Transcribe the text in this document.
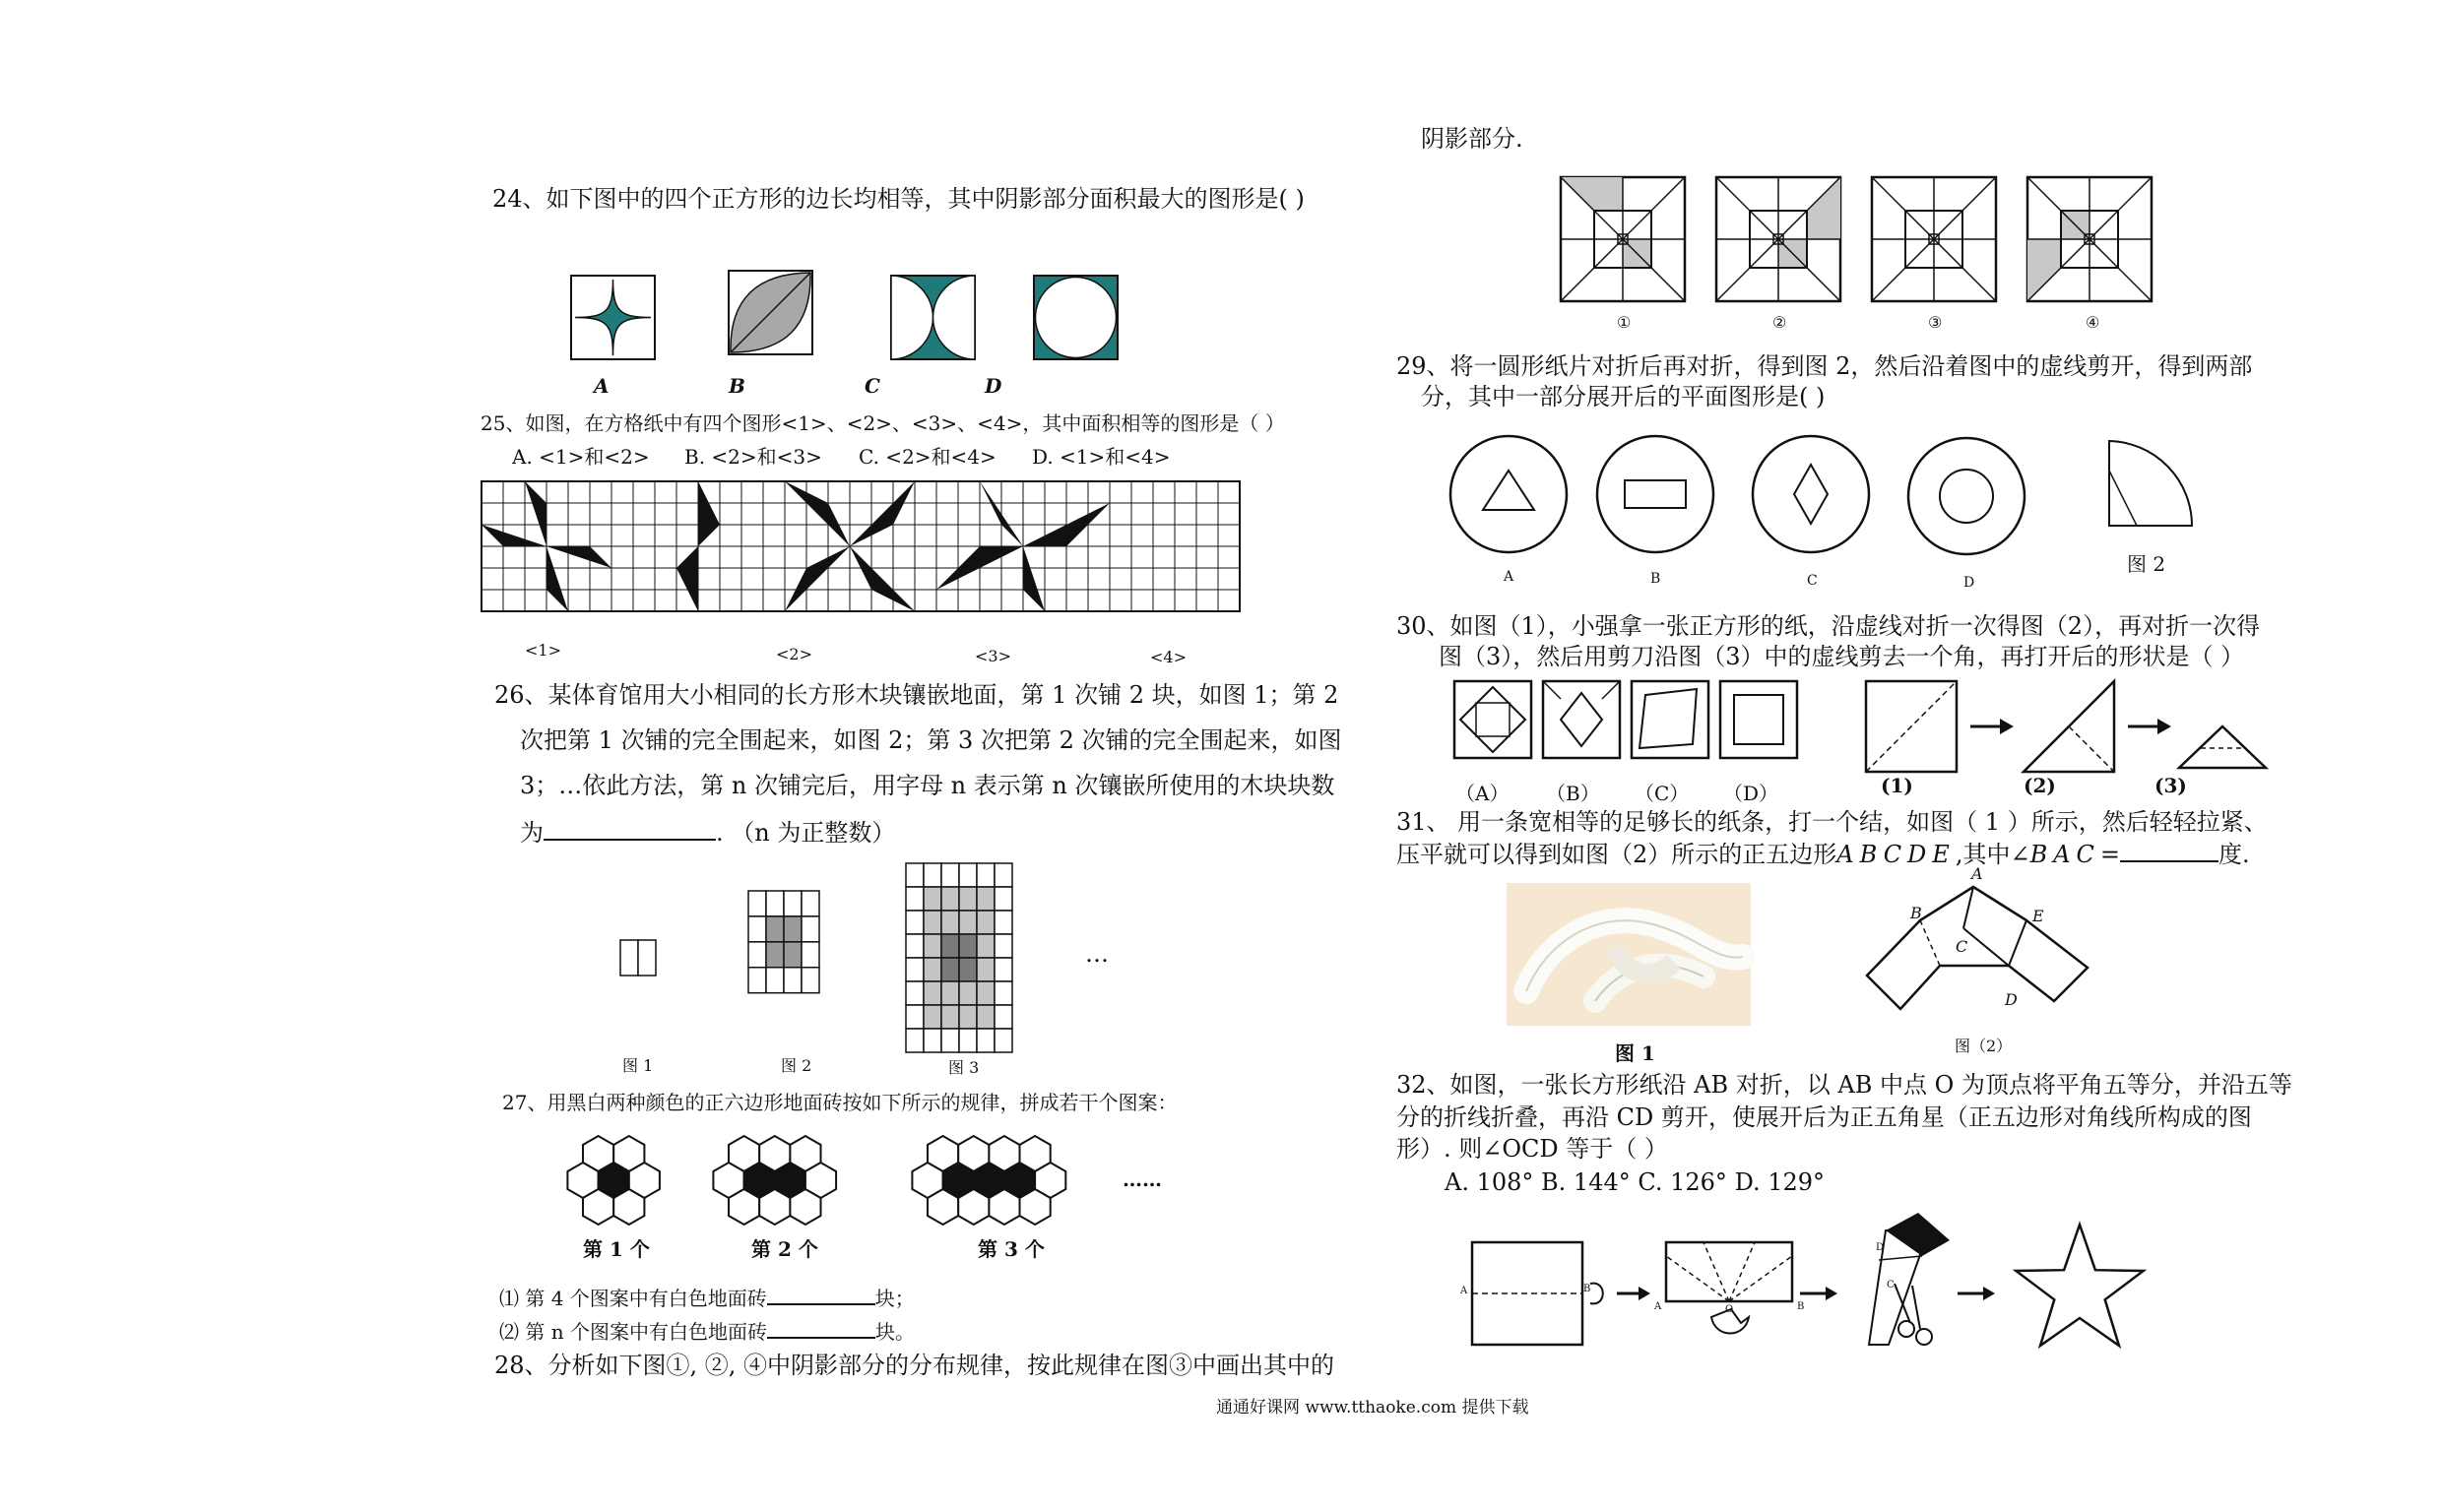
24、如下图中的四个正方形的边长均相等，其中阴影部分面积最大的图形是( )
A	B	C	D
25、如图，在方格纸中有四个图形<1>、<2>、<3>、<4>，其中面积相等的图形是（ ）
A. <1>和<2> B. <2>和<3> C. <2>和<4> D. <1>和<4>
<1>	<2>	<3>	<4>
26、某体育馆用大小相同的长方形木块镶嵌地面，第 1 次铺 2 块，如图 1；第 2
次把第 1 次铺的完全围起来，如图 2；第 3 次把第 2 次铺的完全围起来，如图
3；…依此方法，第 n 次铺完后，用字母 n 表示第 n 次镶嵌所使用的木块块数
为	. （n 为正整数）
…
图 1	图 2	图 3
27、用黑白两种颜色的正六边形地面砖按如下所示的规律，拼成若干个图案：
……
第 1 个	第 2 个	第 3 个
⑴ 第 4 个图案中有白色地面砖	块；
⑵ 第 n 个图案中有白色地面砖	块。
28、分析如下图①, ②, ④中阴影部分的分布规律，按此规律在图③中画出其中的
阴影部分.
①	②	③	④
29、将一圆形纸片对折后再对折，得到图 2，然后沿着图中的虚线剪开，得到两部
分，其中一部分展开后的平面图形是( )
A	B	C	D
图 2
30、如图（1），小强拿一张正方形的纸，沿虚线对折一次得图（2），再对折一次得
图（3），然后用剪刀沿图（3）中的虚线剪去一个角，再打开后的形状是（ ）
（A） （B） （C） （D）	(1)	(2)	(3)
31、 用一条宽相等的足够长的纸条，打一个结，如图（ 1 ）所示，然后轻轻拉紧、
压平就可以得到如图（2）所示的正五边形ABCDE,其中∠BAC=	度.
A
B	E
C
D
图 1	图（2）
32、如图，一张长方形纸沿 AB 对折，以 AB 中点 O 为顶点将平角五等分，并沿五等
分的折线折叠，再沿 CD 剪开，使展开后为正五角星（正五边形对角线所构成的图
形）. 则∠OCD 等于（ ）
A. 108° B. 144° C. 126° D. 129°
A	B
A	B
O
D
C
通通好课网 www.tthaoke.com 提供下载
